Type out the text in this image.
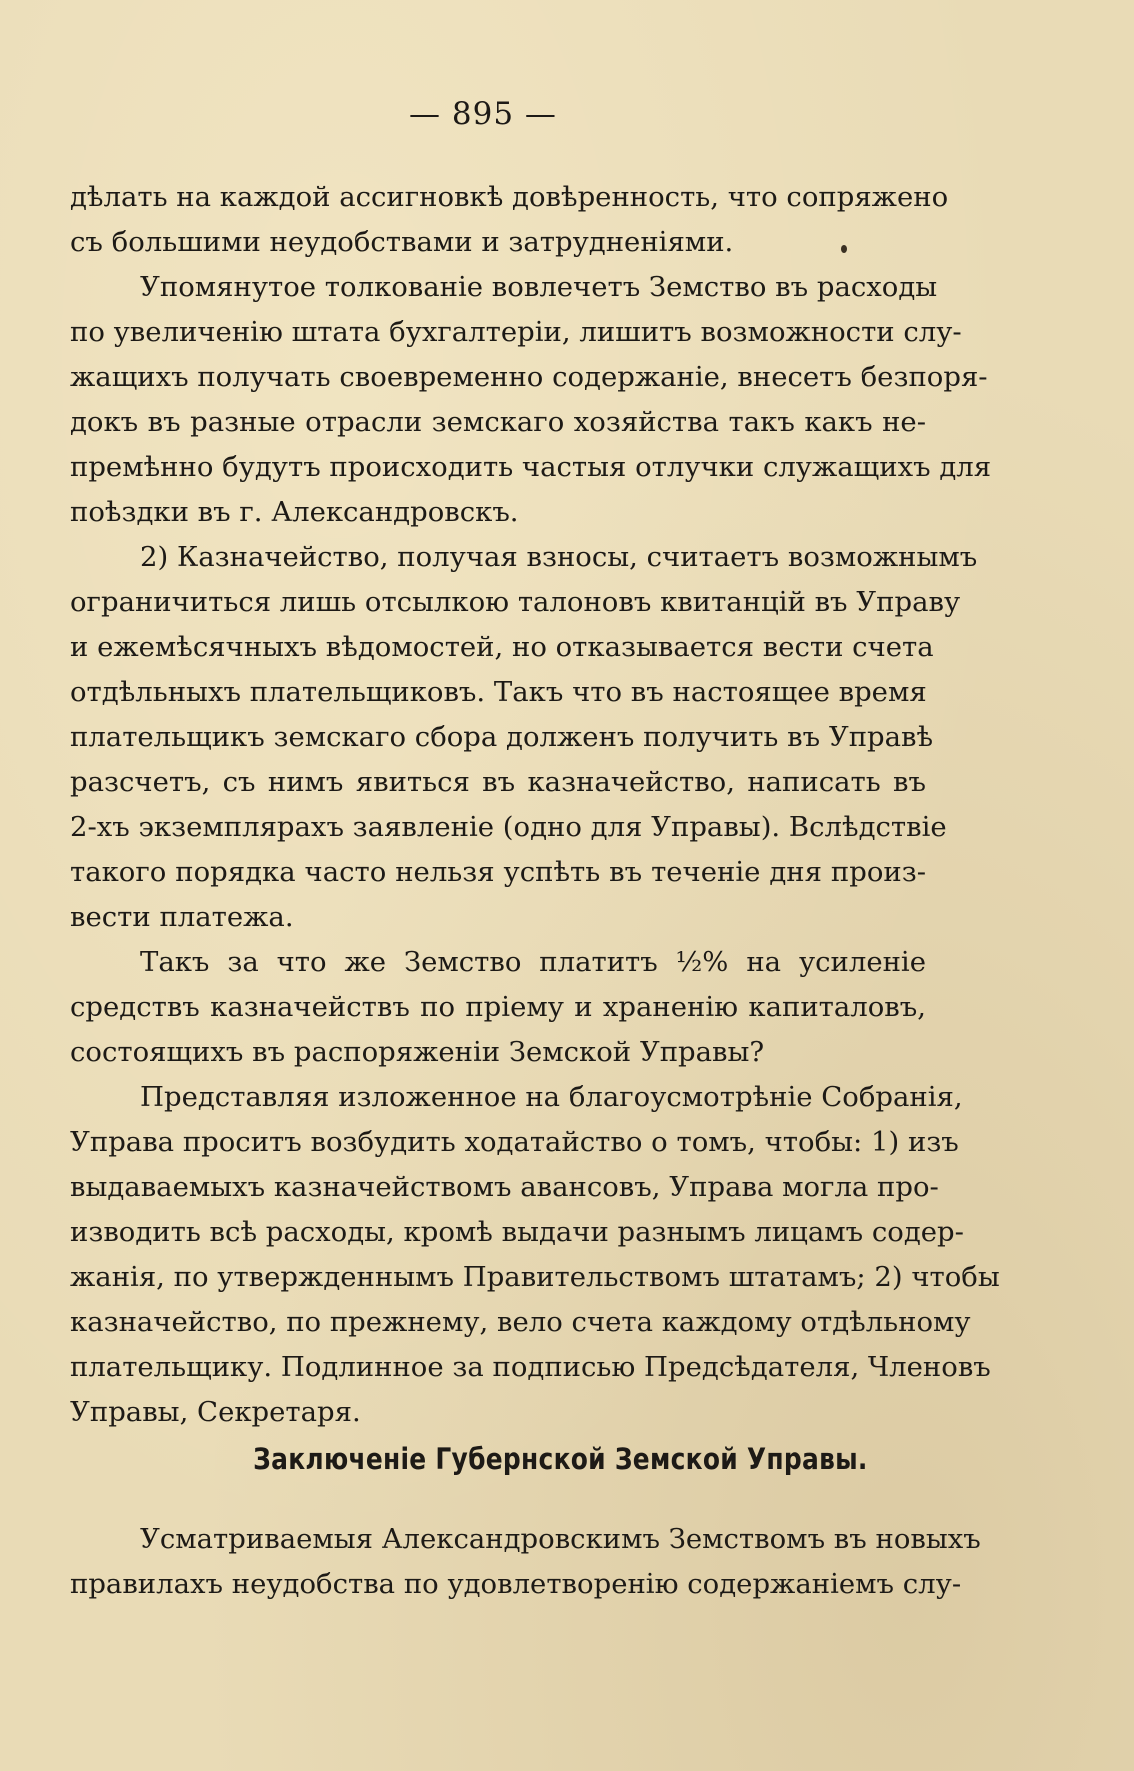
— 895 —
дѣлать на каждой ассигновкѣ довѣренность, что сопряжено
съ большими неудобствами и затрудненіями.
Упомянутое толкованіе вовлечетъ Земство въ расходы
по увеличенію штата бухгалтеріи, лишитъ возможности слу-
жащихъ получать своевременно содержаніе, внесетъ безпоря-
докъ въ разные отрасли земскаго хозяйства такъ какъ не-
премѣнно будутъ происходить частыя отлучки служащихъ для
поѣздки въ г. Александровскъ.
2) Казначейство, получая взносы, считаетъ возможнымъ
ограничиться лишь отсылкою талоновъ квитанцій въ Управу
и ежемѣсячныхъ вѣдомостей, но отказывается вести счета
отдѣльныхъ плательщиковъ. Такъ что въ настоящее время
плательщикъ земскаго сбора долженъ получить въ Управѣ
разсчетъ, съ нимъ явиться въ казначейство, написать въ
2-хъ экземплярахъ заявленіе (одно для Управы). Вслѣдствіе
такого порядка часто нельзя успѣть въ теченіе дня произ-
вести платежа.
Такъ за что же Земство платитъ ½% на усиленіе
средствъ казначействъ по пріему и храненію капиталовъ,
состоящихъ въ распоряженіи Земской Управы?
Представляя изложенное на благоусмотрѣніе Собранія,
Управа проситъ возбудить ходатайство о томъ, чтобы: 1) изъ
выдаваемыхъ казначействомъ авансовъ, Управа могла про-
изводить всѣ расходы, кромѣ выдачи разнымъ лицамъ содер-
жанія, по утвержденнымъ Правительствомъ штатамъ; 2) чтобы
казначейство, по прежнему, вело счета каждому отдѣльному
плательщику. Подлинное за подписью Предсѣдателя, Членовъ
Управы, Секретаря.
Заключеніе Губернской Земской Управы.
Усматриваемыя Александровскимъ Земствомъ въ новыхъ
правилахъ неудобства по удовлетворенію содержаніемъ слу-
